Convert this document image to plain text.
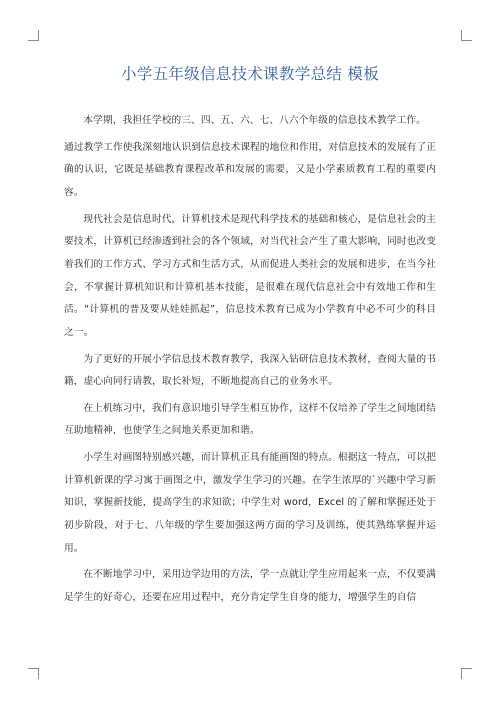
小学五年级信息技术课教学总结 模板

本学期，我担任学校的三、四、五、六、七、八六个年级的信息技术教学工作。

通过教学工作使我深刻地认识到信息技术课程的地位和作用，对信息技术的发展有了正确的认识，它既是基础教育课程改革和发展的需要，又是小学素质教育工程的重要内容。

现代社会是信息时代，计算机技术是现代科学技术的基础和核心，是信息社会的主要技术，计算机已经渗透到社会的各个领域，对当代社会产生了重大影响，同时也改变着我们的工作方式、学习方式和生活方式，从而促进人类社会的发展和进步，在当今社会，不掌握计算机知识和计算机基本技能，是很难在现代信息社会中有效地工作和生活。“计算机的普及要从娃娃抓起”，信息技术教育已成为小学教育中必不可少的科目之一。

为了更好的开展小学信息技术教育教学，我深入钻研信息技术教材，查阅大量的书籍，虚心向同行请教，取长补短，不断地提高自己的业务水平。

在上机练习中，我们有意识地引导学生相互协作，这样不仅培养了学生之间地团结互助地精神，也使学生之间地关系更加和谐。

小学生对画图特别感兴趣，而计算机正具有能画图的特点。根据这一特点，可以把计算机新课的学习寓于画图之中，激发学生学习的兴趣。在学生浓厚的`兴趣中学习新知识，掌握新技能，提高学生的求知欲；中学生对 word，Excel 的了解和掌握还处于初步阶段，对于七、八年级的学生要加强这两方面的学习及训练，使其熟练掌握并运用。

在不断地学习中，采用边学边用的方法，学一点就让学生应用起来一点，不仅要满足学生的好奇心，还要在应用过程中，充分肯定学生自身的能力，增强学生的自信
